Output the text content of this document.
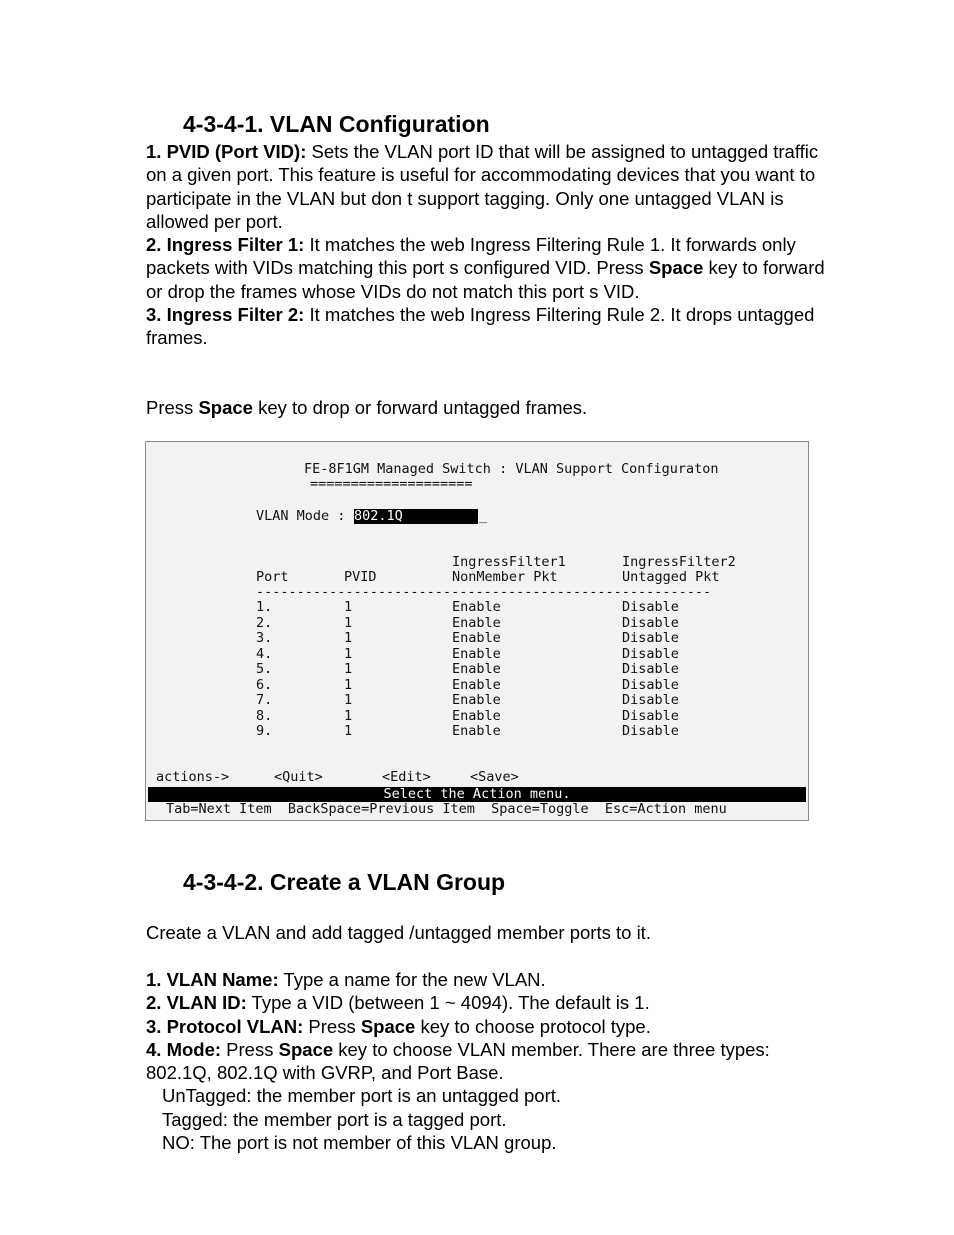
4-3-4-1. VLAN Configuration
1. PVID (Port VID): Sets the VLAN port ID that will be assigned to untagged traffic on a given port. This feature is useful for accommodating devices that you want to participate in the VLAN but don t support tagging. Only one untagged VLAN is allowed per port.
2. Ingress Filter 1: It matches the web Ingress Filtering Rule 1. It forwards only packets with VIDs matching this port s configured VID. Press Space key to forward or drop the frames whose VIDs do not match this port s VID.
3. Ingress Filter 2: It matches the web Ingress Filtering Rule 2. It drops untagged frames.
Press Space key to drop or forward untagged frames.
FE-8F1GM Managed Switch : VLAN Support Configuraton
====================
VLAN Mode : 802.1Q	_
IngressFilter1	IngressFilter2
Port	PVID	NonMember Pkt	Untagged Pkt
--------------------------------------------------------
1.	1	Enable	Disable
2.	1	Enable	Disable
3.	1	Enable	Disable
4.	1	Enable	Disable
5.	1	Enable	Disable
6.	1	Enable	Disable
7.	1	Enable	Disable
8.	1	Enable	Disable
9.	1	Enable	Disable
actions->	<Quit>	<Edit>	<Save>
Select the Action menu.
Tab=Next Item  BackSpace=Previous Item  Space=Toggle  Esc=Action menu
4-3-4-2. Create a VLAN Group
Create a VLAN and add tagged /untagged member ports to it.
1. VLAN Name: Type a name for the new VLAN.
2. VLAN ID: Type a VID (between 1 ~ 4094). The default is 1.
3. Protocol VLAN: Press Space key to choose protocol type.
4. Mode: Press Space key to choose VLAN member. There are three types: 802.1Q, 802.1Q with GVRP, and Port Base.
UnTagged: the member port is an untagged port.
Tagged: the member port is a tagged port.
NO: The port is not member of this VLAN group.
